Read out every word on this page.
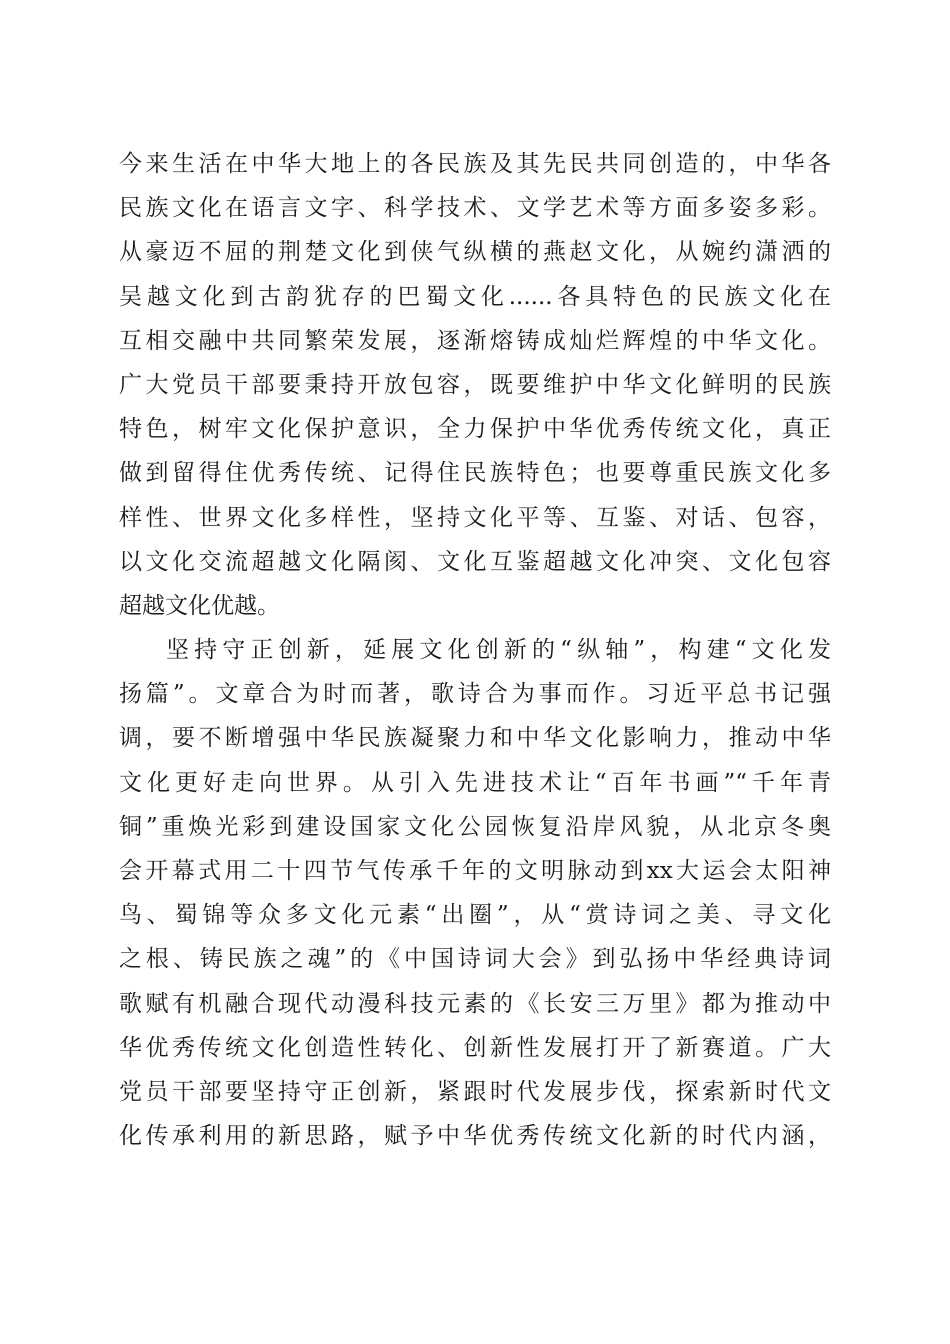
今来生活在中华大地上的各民族及其先民共同创造的，中华各
民族文化在语言文字、科学技术、文学艺术等方面多姿多彩。
从豪迈不屈的荆楚文化到侠气纵横的燕赵文化，从婉约潇洒的
吴越文化到古韵犹存的巴蜀文化......各具特色的民族文化在
互相交融中共同繁荣发展，逐渐熔铸成灿烂辉煌的中华文化。
广大党员干部要秉持开放包容，既要维护中华文化鲜明的民族
特色，树牢文化保护意识，全力保护中华优秀传统文化，真正
做到留得住优秀传统、记得住民族特色；也要尊重民族文化多
样性、世界文化多样性，坚持文化平等、互鉴、对话、包容，
以文化交流超越文化隔阂、文化互鉴超越文化冲突、文化包容
超越文化优越。
坚持守正创新，延展文化创新的“纵轴”，构建“文化发
扬篇”。文章合为时而著，歌诗合为事而作。习近平总书记强
调，要不断增强中华民族凝聚力和中华文化影响力，推动中华
文化更好走向世界。从引入先进技术让“百年书画”“千年青
铜”重焕光彩到建设国家文化公园恢复沿岸风貌，从北京冬奥
会开幕式用二十四节气传承千年的文明脉动到xx大运会太阳神
鸟、蜀锦等众多文化元素“出圈”，从“赏诗词之美、寻文化
之根、铸民族之魂”的《中国诗词大会》到弘扬中华经典诗词
歌赋有机融合现代动漫科技元素的《长安三万里》都为推动中
华优秀传统文化创造性转化、创新性发展打开了新赛道。广大
党员干部要坚持守正创新，紧跟时代发展步伐，探索新时代文
化传承利用的新思路，赋予中华优秀传统文化新的时代内涵，
